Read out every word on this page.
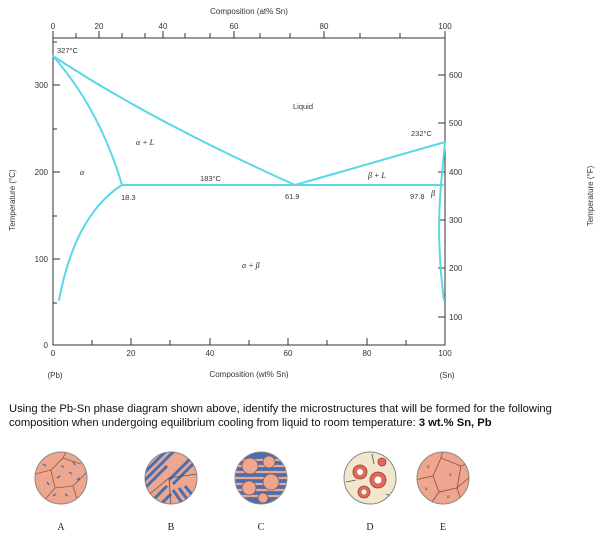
Composition (at% Sn)
Composition (wt% Sn)
Temperature (°C)	Temperature (°F)
0	20	40	60	80	100
0	20	40	60	80	100
(Pb)	(Sn)
0
100
200
300
100
200
300
400
500
600
327°C
232°C
183°C
18.3	61.9	97.8
Liquid
α + L
β + L
α
β
α + β
Using the Pb-Sn phase diagram shown above, identify the microstructures that will be formed for the following composition when undergoing equilibrium cooling from liquid to room temperature: 3 wt.% Sn, Pb
A	B	C	D
α
α
α
α
E
